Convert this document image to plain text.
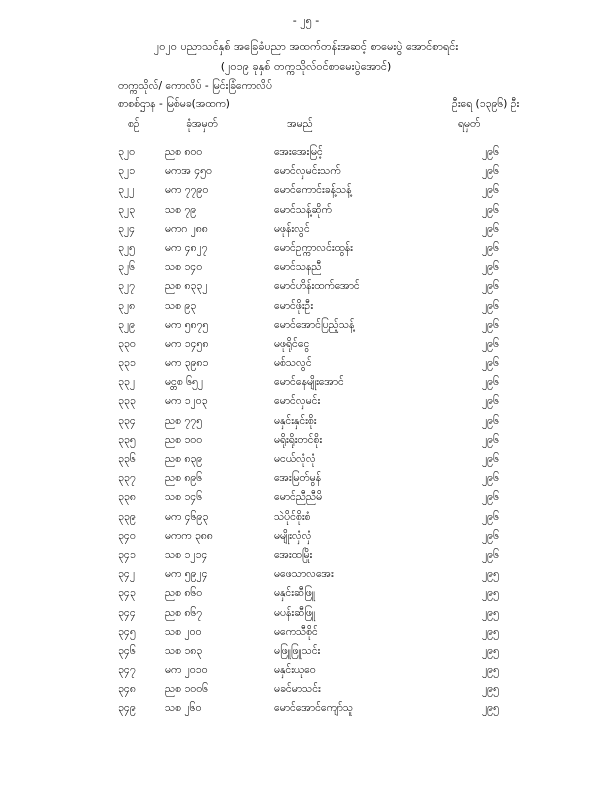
- ၂၅ -
၂၀၂၀ ပညာသင်နှစ် အခြေခံပညာ အထက်တန်းအဆင့် စာမေးပွဲ အောင်စာရင်း
(၂၀၁၉ ခုနှစ် တက္ကသိုလ်ဝင်စာမေးပွဲအောင်)
တက္ကသိုလ်/ ကောလိပ် - မြင်းခြံကောလိပ်
စာစစ်ဌာန - မြစ်မခ(အထက)	ဦးရေ (၁၃၉၆) ဦး
စဉ်	ခုံအမှတ်	အမည်	ရမှတ်
၃၂၀	ညစ ၈၀၀	အေးအေးမြင့်	၂၉၆
၃၂၁	မကအ ၄၅၀	မောင်လှမင်းသက်	၂၉၆
၃၂၂	မက ၇၇၉၀	မောင်ကောင်းခန့်သန့်	၂၉၆
၃၂၃	သစ ၇၉	မောင်သန့်ဆိုက်	၂၉၆
၃၂၄	မကဂ ၂၈၈	မဖုန်းလွင်	၂၉၆
၃၂၅	မက ၄၈၂၇	မောင်ဥက္ကာလင်းထွန်း	၂၉၆
၃၂၆	သစ ၁၄၀	မောင်သနညီ	၂၉၆
၃၂၇	ညစ ၈၃၃၂	မောင်ဟိန်းထက်အောင်	၂၉၆
၃၂၈	သစ ၉၃	မောင်ဖိုးဦး	၂၉၆
၃၂၉	မက ၅၈၇၅	မောင်အောင်ပြည့်သန့်	၂၉၆
၃၃၀	မက ၁၄၅၈	မဖုရိုင်ငွေ	၂၉၆
၃၃၁	မက ၃၉၈၁	မစ်သလွင်	၂၉၆
၃၃၂	မင္တစ ၆၅၂	မောင်နေမျိုးအောင်	၂၉၆
၃၃၃	မက ၁၂၀၃	မောင်လှမင်း	၂၉၆
၃၃၄	ညစ ၇၇၅	မနှင်းနှင်းစိုး	၂၉၆
၃၃၅	ညစ ၁၀၀	မရိုးရိုးတင်စိုး	၂၉၆
၃၃၆	ညစ ၈၃၉	မငယ်လုံလုံ	၂၉၆
၃၃၇	ညစ ၈၉၆	အေးမြတ်မွန်	၂၉၆
၃၃၈	သစ ၁၄၆	မောင်ညီညီမိ	၂၉၆
၃၃၉	မက ၄၆၉၃	သဲပိုင်စိုးစံ	၂၉၆
၃၄၀	မကက ၃၈၈	မမျိုးလှံလှံ	၂၉၆
၃၄၁	သစ ၁၂၁၄	အေးထမြိုး	၂၉၆
၃၄၂	မက ၅၉၂၄	မဖေသာလအေး	၂၉၅
၃၄၃	ညစ ၈၆၀	မနှင်းဆီဖြူ	၂၉၅
၃၄၄	ညစ ၈၆၇	မပန်းဆီဖြူ	၂၉၅
၃၄၅	သစ ၂၀၀	မကေသီစိုင်	၂၉၅
၃၄၆	သစ ၁၈၃	မဖြူဖြူသင်း	၂၉၅
၃၄၇	မက ၂၀၁၀	မနှင်းယုဝေ	၂၉၅
၃၄၈	ညစ ၁၀၀၆	မခင်မာသင်း	၂၉၅
၃၄၉	သစ ၂၆၀	မောင်အောင်ကျော်သူ	၂၉၅
